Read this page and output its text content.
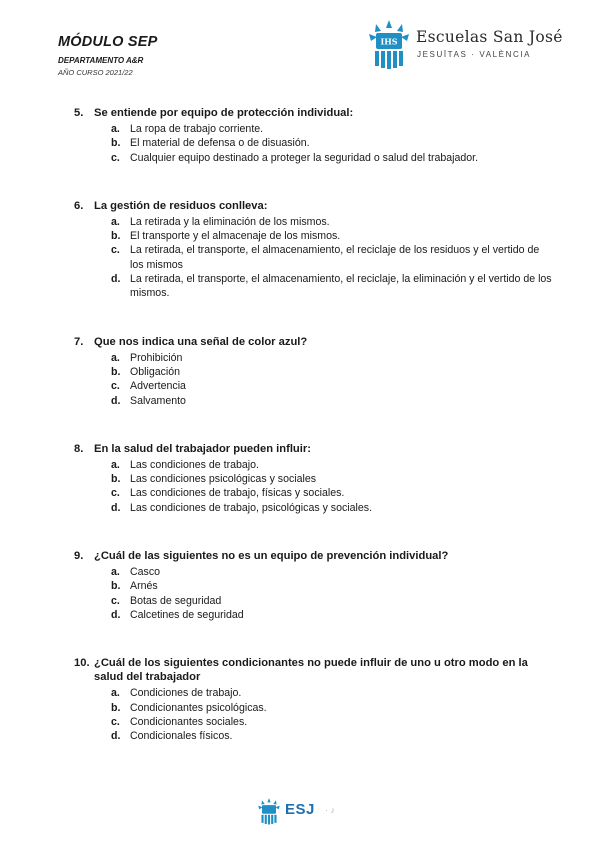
MÓDULO SEP
DEPARTAMENTO A&R
AÑO CURSO 2021/22
IHS Escuelas San José
JESUÏTAS · VALÈNCIA
5. Se entiende por equipo de protección individual:
a. La ropa de trabajo corriente.
b. El material de defensa o de disuasión.
c. Cualquier equipo destinado a proteger la seguridad o salud del trabajador.
6. La gestión de residuos conlleva:
a. La retirada y la eliminación de los mismos.
b. El transporte y el almacenaje de los mismos.
c. La retirada, el transporte, el almacenamiento, el reciclaje de los residuos y el vertido de los mismos
d. La retirada, el transporte, el almacenamiento, el reciclaje, la eliminación y el vertido de los mismos.
7. Que nos indica una señal de color azul?
a. Prohibición
b. Obligación
c. Advertencia
d. Salvamento
8. En la salud del trabajador pueden influir:
a. Las condiciones de trabajo.
b. Las condiciones psicológicas y sociales
c. Las condiciones de trabajo, físicas y sociales.
d. Las condiciones de trabajo, psicológicas y sociales.
9. ¿Cuál de las siguientes no es un equipo de prevención individual?
a. Casco
b. Arnés
c. Botas de seguridad
d. Calcetines de seguridad
10. ¿Cuál de los siguientes condicionantes no puede influir de uno u otro modo en la salud del trabajador
a. Condiciones de trabajo.
b. Condicionantes psicológicas.
c. Condicionantes sociales.
d. Condicionales físicos.
ESJ · ♪
